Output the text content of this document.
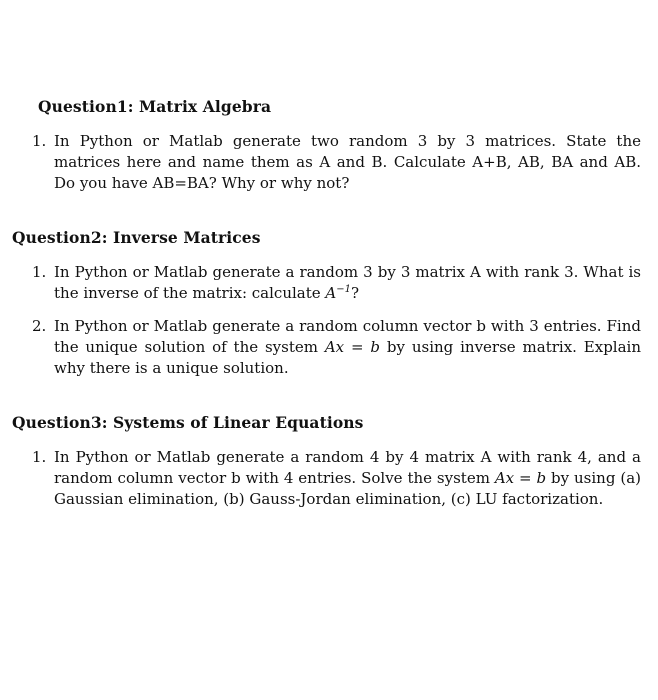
Question1: Matrix Algebra
1. In Python or Matlab generate two random 3 by 3 matrices. State the matrices here and name them as A and B. Calculate A+B, AB, BA and AB. Do you have AB=BA? Why or why not?
Question2: Inverse Matrices
1. In Python or Matlab generate a random 3 by 3 matrix A with rank 3. What is the inverse of the matrix: calculate $A^{-1}$?
2. In Python or Matlab generate a random column vector b with 3 entries. Find the unique solution of the system Ax = b by using inverse matrix. Explain why there is a unique solution.
Question3: Systems of Linear Equations
1. In Python or Matlab generate a random 4 by 4 matrix A with rank 4, and a random column vector b with 4 entries. Solve the system Ax = b by using (a) Gaussian elimination, (b) Gauss-Jordan elimination, (c) LU factorization.
